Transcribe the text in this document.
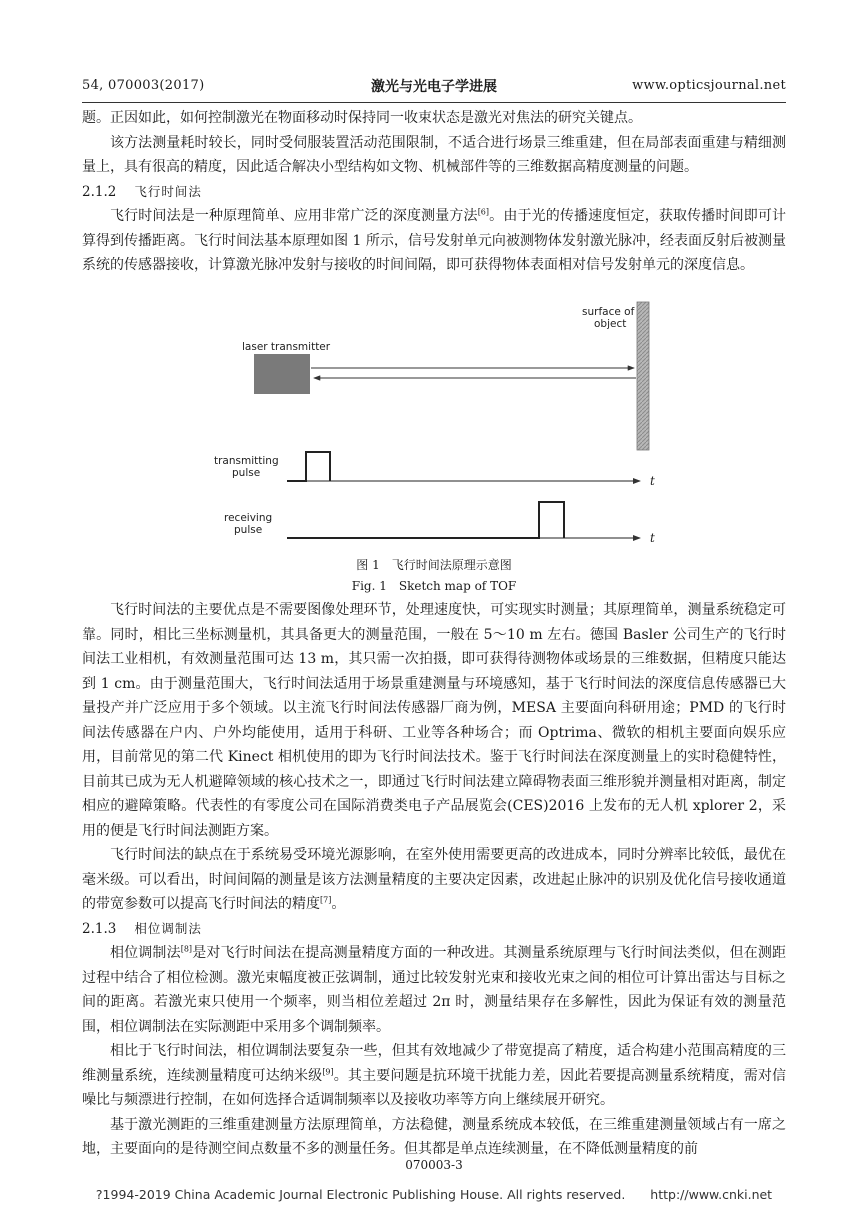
54, 070003(2017)	激光与光电子学进展	www.opticsjournal.net

题。正因如此，如何控制激光在物面移动时保持同一收束状态是激光对焦法的研究关键点。

该方法测量耗时较长，同时受伺服装置活动范围限制，不适合进行场景三维重建，但在局部表面重建与精细测量上，具有很高的精度，因此适合解决小型结构如文物、机械部件等的三维数据高精度测量的问题。

2.1.2 飞行时间法

飞行时间法是一种原理简单、应用非常广泛的深度测量方法[6]。由于光的传播速度恒定，获取传播时间即可计算得到传播距离。飞行时间法基本原理如图 1 所示，信号发射单元向被测物体发射激光脉冲，经表面反射后被测量系统的传感器接收，计算激光脉冲发射与接收的时间间隔，即可获得物体表面相对信号发射单元的深度信息。

laser transmitter
surface of
object
transmitting
pulse
t
receiving
pulse
t
图 1　飞行时间法原理示意图
Fig. 1　Sketch map of TOF

飞行时间法的主要优点是不需要图像处理环节，处理速度快，可实现实时测量；其原理简单，测量系统稳定可靠。同时，相比三坐标测量机，其具备更大的测量范围，一般在 5～10 m 左右。德国 Basler 公司生产的飞行时间法工业相机，有效测量范围可达 13 m，其只需一次拍摄，即可获得待测物体或场景的三维数据，但精度只能达到 1 cm。由于测量范围大，飞行时间法适用于场景重建测量与环境感知，基于飞行时间法的深度信息传感器已大量投产并广泛应用于多个领域。以主流飞行时间法传感器厂商为例，MESA 主要面向科研用途；PMD 的飞行时间法传感器在户内、户外均能使用，适用于科研、工业等各种场合；而 Optrima、微软的相机主要面向娱乐应用，目前常见的第二代 Kinect 相机使用的即为飞行时间法技术。鉴于飞行时间法在深度测量上的实时稳健特性，目前其已成为无人机避障领域的核心技术之一，即通过飞行时间法建立障碍物表面三维形貌并测量相对距离，制定相应的避障策略。代表性的有零度公司在国际消费类电子产品展览会(CES)2016 上发布的无人机 xplorer 2，采用的便是飞行时间法测距方案。

飞行时间法的缺点在于系统易受环境光源影响，在室外使用需要更高的改进成本，同时分辨率比较低，最优在毫米级。可以看出，时间间隔的测量是该方法测量精度的主要决定因素，改进起止脉冲的识别及优化信号接收通道的带宽参数可以提高飞行时间法的精度[7]。

2.1.3 相位调制法

相位调制法[8]是对飞行时间法在提高测量精度方面的一种改进。其测量系统原理与飞行时间法类似，但在测距过程中结合了相位检测。激光束幅度被正弦调制，通过比较发射光束和接收光束之间的相位可计算出雷达与目标之间的距离。若激光束只使用一个频率，则当相位差超过 2π 时，测量结果存在多解性，因此为保证有效的测量范围，相位调制法在实际测距中采用多个调制频率。

相比于飞行时间法，相位调制法要复杂一些，但其有效地减少了带宽提高了精度，适合构建小范围高精度的三维测量系统，连续测量精度可达纳米级[9]。其主要问题是抗环境干扰能力差，因此若要提高测量系统精度，需对信噪比与频漂进行控制，在如何选择合适调制频率以及接收功率等方向上继续展开研究。

基于激光测距的三维重建测量方法原理简单，方法稳健，测量系统成本较低，在三维重建测量领域占有一席之地，主要面向的是待测空间点数量不多的测量任务。但其都是单点连续测量，在不降低测量精度的前

070003-3
?1994-2019 China Academic Journal Electronic Publishing House. All rights reserved.　　http://www.cnki.net
